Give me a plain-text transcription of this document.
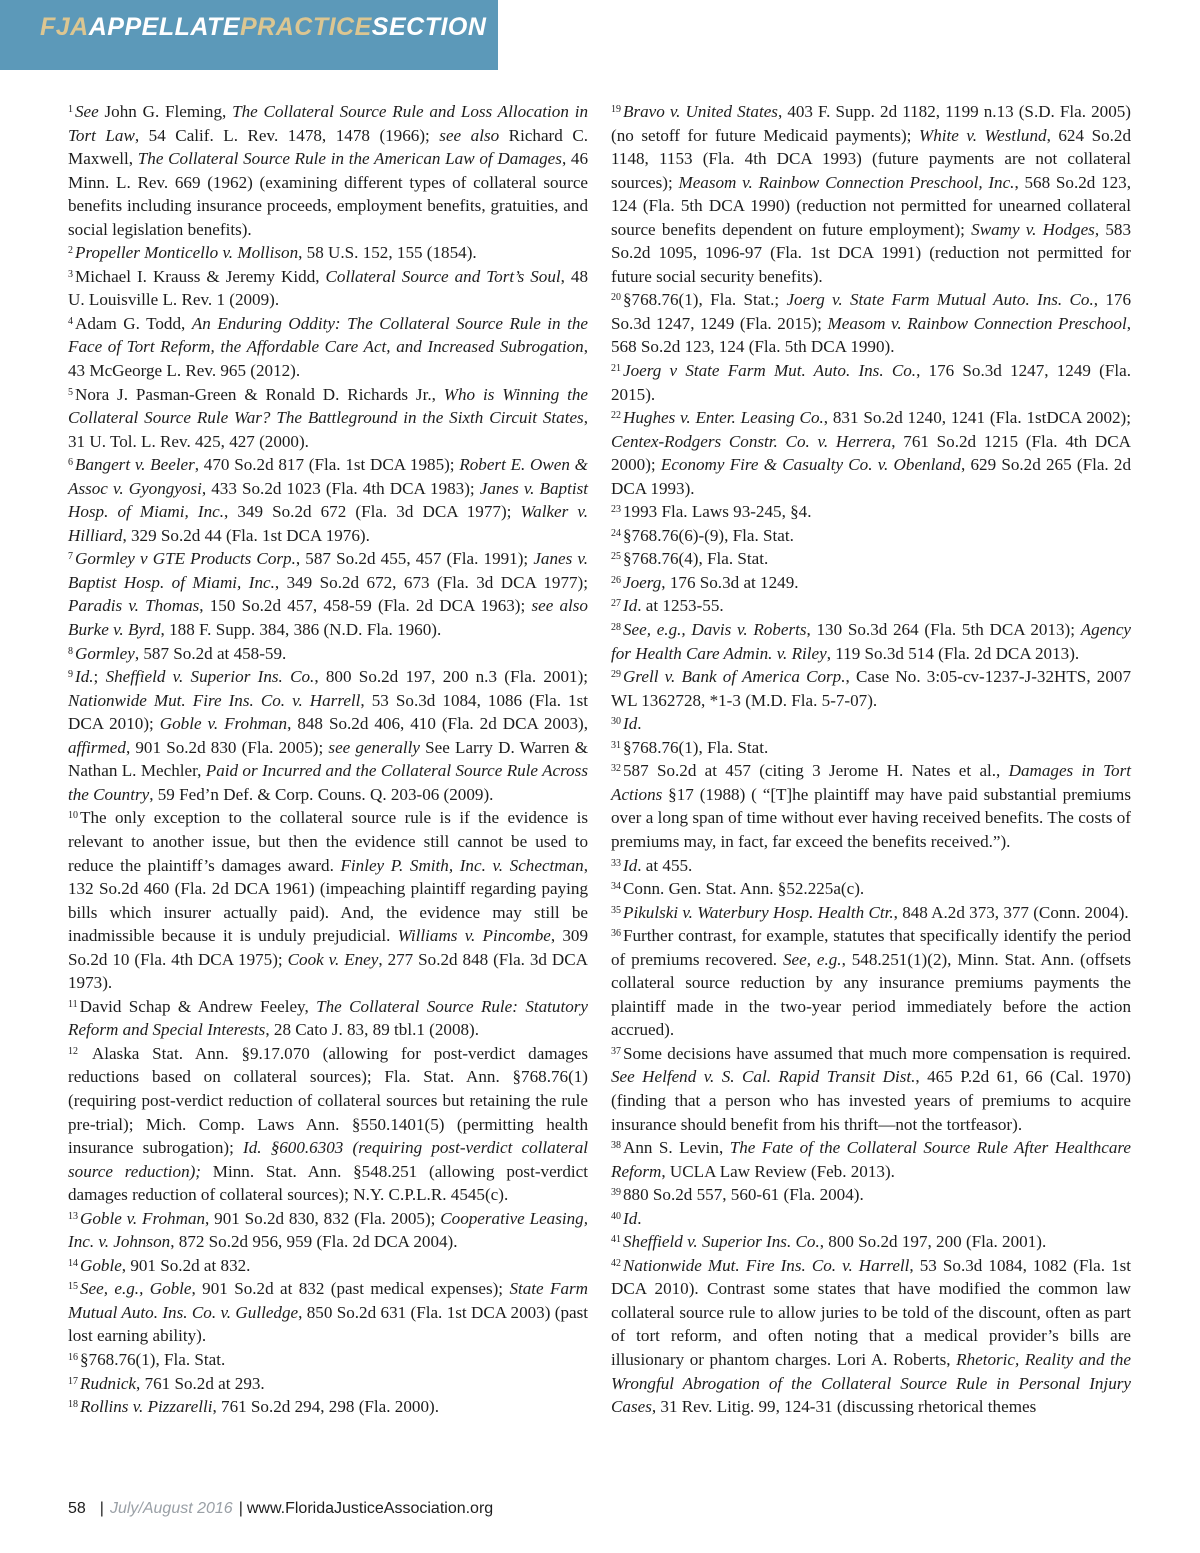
FJAAPPELLATEPRACTICESECTION

$^1$ See John G. Fleming, The Collateral Source Rule and Loss Allocation in Tort Law, 54 Calif. L. Rev. 1478, 1478 (1966); see also Richard C. Maxwell, The Collateral Source Rule in the American Law of Damages, 46 Minn. L. Rev. 669 (1962) (examining different types of collateral source benefits including insurance proceeds, employment benefits, gratuities, and social legislation benefits).

$^2$ Propeller Monticello v. Mollison, 58 U.S. 152, 155 (1854).

$^3$ Michael I. Krauss & Jeremy Kidd, Collateral Source and Tort’s Soul, 48 U. Louisville L. Rev. 1 (2009).

$^4$ Adam G. Todd, An Enduring Oddity: The Collateral Source Rule in the Face of Tort Reform, the Affordable Care Act, and Increased Subrogation, 43 McGeorge L. Rev. 965 (2012).

$^5$ Nora J. Pasman-Green & Ronald D. Richards Jr., Who is Winning the Collateral Source Rule War? The Battleground in the Sixth Circuit States, 31 U. Tol. L. Rev. 425, 427 (2000).

$^6$ Bangert v. Beeler, 470 So.2d 817 (Fla. 1st DCA 1985); Robert E. Owen & Assoc v. Gyongyosi, 433 So.2d 1023 (Fla. 4th DCA 1983); Janes v. Baptist Hosp. of Miami, Inc., 349 So.2d 672 (Fla. 3d DCA 1977); Walker v. Hilliard, 329 So.2d 44 (Fla. 1st DCA 1976).

$^7$ Gormley v GTE Products Corp., 587 So.2d 455, 457 (Fla. 1991); Janes v. Baptist Hosp. of Miami, Inc., 349 So.2d 672, 673 (Fla. 3d DCA 1977); Paradis v. Thomas, 150 So.2d 457, 458-59 (Fla. 2d DCA 1963); see also Burke v. Byrd, 188 F. Supp. 384, 386 (N.D. Fla. 1960).

$^8$ Gormley, 587 So.2d at 458-59.

$^9$ Id.; Sheffield v. Superior Ins. Co., 800 So.2d 197, 200 n.3 (Fla. 2001); Nationwide Mut. Fire Ins. Co. v. Harrell, 53 So.3d 1084, 1086 (Fla. 1st DCA 2010); Goble v. Frohman, 848 So.2d 406, 410 (Fla. 2d DCA 2003), affirmed, 901 So.2d 830 (Fla. 2005); see generally See Larry D. Warren & Nathan L. Mechler, Paid or Incurred and the Collateral Source Rule Across the Country, 59 Fed’n Def. & Corp. Couns. Q. 203-06 (2009).

$^{10}$ The only exception to the collateral source rule is if the evidence is relevant to another issue, but then the evidence still cannot be used to reduce the plaintiff’s damages award. Finley P. Smith, Inc. v. Schectman, 132 So.2d 460 (Fla. 2d DCA 1961) (impeaching plaintiff regarding paying bills which insurer actually paid). And, the evidence may still be inadmissible because it is unduly prejudicial. Williams v. Pincombe, 309 So.2d 10 (Fla. 4th DCA 1975); Cook v. Eney, 277 So.2d 848 (Fla. 3d DCA 1973).

$^{11}$ David Schap & Andrew Feeley, The Collateral Source Rule: Statutory Reform and Special Interests, 28 Cato J. 83, 89 tbl.1 (2008).

$^{12}$ Alaska Stat. Ann. §9.17.070 (allowing for post-verdict damages reductions based on collateral sources); Fla. Stat. Ann. §768.76(1) (requiring post-verdict reduction of collateral sources but retaining the rule pre-trial); Mich. Comp. Laws Ann. §550.1401(5) (permitting health insurance subrogation); Id. §600.6303 (requiring post-verdict collateral source reduction); Minn. Stat. Ann. §548.251 (allowing post-verdict damages reduction of collateral sources); N.Y. C.P.L.R. 4545(c).

$^{13}$ Goble v. Frohman, 901 So.2d 830, 832 (Fla. 2005); Cooperative Leasing, Inc. v. Johnson, 872 So.2d 956, 959 (Fla. 2d DCA 2004).

$^{14}$ Goble, 901 So.2d at 832.

$^{15}$ See, e.g., Goble, 901 So.2d at 832 (past medical expenses); State Farm Mutual Auto. Ins. Co. v. Gulledge, 850 So.2d 631 (Fla. 1st DCA 2003) (past lost earning ability).

$^{16}$ §768.76(1), Fla. Stat.

$^{17}$ Rudnick, 761 So.2d at 293.

$^{18}$ Rollins v. Pizzarelli, 761 So.2d 294, 298 (Fla. 2000).

$^{19}$ Bravo v. United States, 403 F. Supp. 2d 1182, 1199 n.13 (S.D. Fla. 2005) (no setoff for future Medicaid payments); White v. Westlund, 624 So.2d 1148, 1153 (Fla. 4th DCA 1993) (future payments are not collateral sources); Measom v. Rainbow Connection Preschool, Inc., 568 So.2d 123, 124 (Fla. 5th DCA 1990) (reduction not permitted for unearned collateral source benefits dependent on future employment); Swamy v. Hodges, 583 So.2d 1095, 1096-97 (Fla. 1st DCA 1991) (reduction not permitted for future social security benefits).

$^{20}$ §768.76(1), Fla. Stat.; Joerg v. State Farm Mutual Auto. Ins. Co., 176 So.3d 1247, 1249 (Fla. 2015); Measom v. Rainbow Connection Preschool, 568 So.2d 123, 124 (Fla. 5th DCA 1990).

$^{21}$ Joerg v State Farm Mut. Auto. Ins. Co., 176 So.3d 1247, 1249 (Fla. 2015).

$^{22}$ Hughes v. Enter. Leasing Co., 831 So.2d 1240, 1241 (Fla. 1stDCA 2002); Centex-Rodgers Constr. Co. v. Herrera, 761 So.2d 1215 (Fla. 4th DCA 2000); Economy Fire & Casualty Co. v. Obenland, 629 So.2d 265 (Fla. 2d DCA 1993).

$^{23}$ 1993 Fla. Laws 93-245, §4.

$^{24}$ §768.76(6)-(9), Fla. Stat.

$^{25}$ §768.76(4), Fla. Stat.

$^{26}$ Joerg, 176 So.3d at 1249.

$^{27}$ Id. at 1253-55.

$^{28}$ See, e.g., Davis v. Roberts, 130 So.3d 264 (Fla. 5th DCA 2013); Agency for Health Care Admin. v. Riley, 119 So.3d 514 (Fla. 2d DCA 2013).

$^{29}$ Grell v. Bank of America Corp., Case No. 3:05-cv-1237-J-32HTS, 2007 WL 1362728, *1-3 (M.D. Fla. 5-7-07).

$^{30}$ Id.

$^{31}$ §768.76(1), Fla. Stat.

$^{32}$ 587 So.2d at 457 (citing 3 Jerome H. Nates et al., Damages in Tort Actions §17 (1988) ( “[T]he plaintiff may have paid substantial premiums over a long span of time without ever having received benefits. The costs of premiums may, in fact, far exceed the benefits received.”).

$^{33}$ Id. at 455.

$^{34}$ Conn. Gen. Stat. Ann. §52.225a(c).

$^{35}$ Pikulski v. Waterbury Hosp. Health Ctr., 848 A.2d 373, 377 (Conn. 2004).

$^{36}$ Further contrast, for example, statutes that specifically identify the period of premiums recovered. See, e.g., 548.251(1)(2), Minn. Stat. Ann. (offsets collateral source reduction by any insurance premiums payments the plaintiff made in the two-year period immediately before the action accrued).

$^{37}$ Some decisions have assumed that much more compensation is required. See Helfend v. S. Cal. Rapid Transit Dist., 465 P.2d 61, 66 (Cal. 1970) (finding that a person who has invested years of premiums to acquire insurance should benefit from his thrift—not the tortfeasor).

$^{38}$ Ann S. Levin, The Fate of the Collateral Source Rule After Healthcare Reform, UCLA Law Review (Feb. 2013).

$^{39}$ 880 So.2d 557, 560-61 (Fla. 2004).

$^{40}$ Id.

$^{41}$ Sheffield v. Superior Ins. Co., 800 So.2d 197, 200 (Fla. 2001).

$^{42}$ Nationwide Mut. Fire Ins. Co. v. Harrell, 53 So.3d 1084, 1082 (Fla. 1st DCA 2010). Contrast some states that have modified the common law collateral source rule to allow juries to be told of the discount, often as part of tort reform, and often noting that a medical provider’s bills are illusionary or phantom charges. Lori A. Roberts, Rhetoric, Reality and the Wrongful Abrogation of the Collateral Source Rule in Personal Injury Cases, 31 Rev. Litig. 99, 124-31 (discussing rhetorical themes

58 | July/August 2016 | www.FloridaJusticeAssociation.org
